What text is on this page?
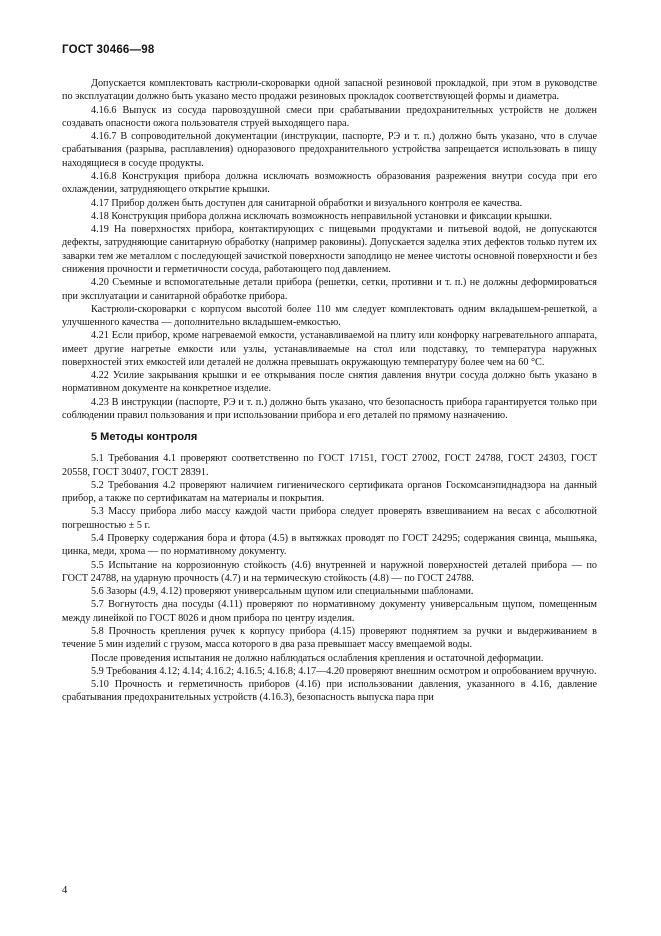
ГОСТ 30466—98

Допускается комплектовать кастрюли-скороварки одной запасной резиновой прокладкой, при этом в руководстве по эксплуатации должно быть указано место продажи резиновых прокладок соответствующей формы и диаметра.

4.16.6 Выпуск из сосуда паровоздушной смеси при срабатывании предохранительных устройств не должен создавать опасности ожога пользователя струей выходящего пара.

4.16.7 В сопроводительной документации (инструкции, паспорте, РЭ и т. п.) должно быть указано, что в случае срабатывания (разрыва, расплавления) одноразового предохранительного устройства запрещается использовать в пищу находящиеся в сосуде продукты.

4.16.8 Конструкция прибора должна исключать возможность образования разрежения внутри сосуда при его охлаждении, затрудняющего открытие крышки.

4.17 Прибор должен быть доступен для санитарной обработки и визуального контроля ее качества.

4.18 Конструкция прибора должна исключать возможность неправильной установки и фиксации крышки.

4.19 На поверхностях прибора, контактирующих с пищевыми продуктами и питьевой водой, не допускаются дефекты, затрудняющие санитарную обработку (например раковины). Допускается заделка этих дефектов только путем их заварки тем же металлом с последующей зачисткой поверхности заподлицо не менее чистоты основной поверхности и без снижения прочности и герметичности сосуда, работающего под давлением.

4.20 Съемные и вспомогательные детали прибора (решетки, сетки, противни и т. п.) не должны деформироваться при эксплуатации и санитарной обработке прибора.

Кастрюли-скороварки с корпусом высотой более 110 мм следует комплектовать одним вкладышем-решеткой, а улучшенного качества — дополнительно вкладышем-емкостью.

4.21 Если прибор, кроме нагреваемой емкости, устанавливаемой на плиту или конфорку нагревательного аппарата, имеет другие нагретые емкости или узлы, устанавливаемые на стол или подставку, то температура наружных поверхностей этих емкостей или деталей не должна превышать окружающую температуру более чем на 60 °С.

4.22 Усилие закрывания крышки и ее открывания после снятия давления внутри сосуда должно быть указано в нормативном документе на конкретное изделие.

4.23 В инструкции (паспорте, РЭ и т. п.) должно быть указано, что безопасность прибора гарантируется только при соблюдении правил пользования и при использовании прибора и его деталей по прямому назначению.

5 Методы контроля

5.1 Требования 4.1 проверяют соответственно по ГОСТ 17151, ГОСТ 27002, ГОСТ 24788, ГОСТ 24303, ГОСТ 20558, ГОСТ 30407, ГОСТ 28391.

5.2 Требования 4.2 проверяют наличием гигиенического сертификата органов Госкомсанэпиднадзора на данный прибор, а также по сертификатам на материалы и покрытия.

5.3 Массу прибора либо массу каждой части прибора следует проверять взвешиванием на весах с абсолютной погрешностью ± 5 г.

5.4 Проверку содержания бора и фтора (4.5) в вытяжках проводят по ГОСТ 24295; содержания свинца, мышьяка, цинка, меди, хрома — по нормативному документу.

5.5 Испытание на коррозионную стойкость (4.6) внутренней и наружной поверхностей деталей прибора — по ГОСТ 24788, на ударную прочность (4.7) и на термическую стойкость (4.8) — по ГОСТ 24788.

5.6 Зазоры (4.9, 4.12) проверяют универсальным щупом или специальными шаблонами.

5.7 Вогнутость дна посуды (4.11) проверяют по нормативному документу универсальным щупом, помещенным между линейкой по ГОСТ 8026 и дном прибора по центру изделия.

5.8 Прочность крепления ручек к корпусу прибора (4.15) проверяют поднятием за ручки и выдерживанием в течение 5 мин изделий с грузом, масса которого в два раза превышает массу вмещаемой воды.

После проведения испытания не должно наблюдаться ослабления крепления и остаточной деформации.

5.9 Требования 4.12; 4.14; 4.16.2; 4.16.5; 4.16.8; 4.17—4.20 проверяют внешним осмотром и опробованием вручную.

5.10 Прочность и герметичность приборов (4.16) при использовании давления, указанного в 4.16, давление срабатывания предохранительных устройств (4.16.3), безопасность выпуска пара при

4
